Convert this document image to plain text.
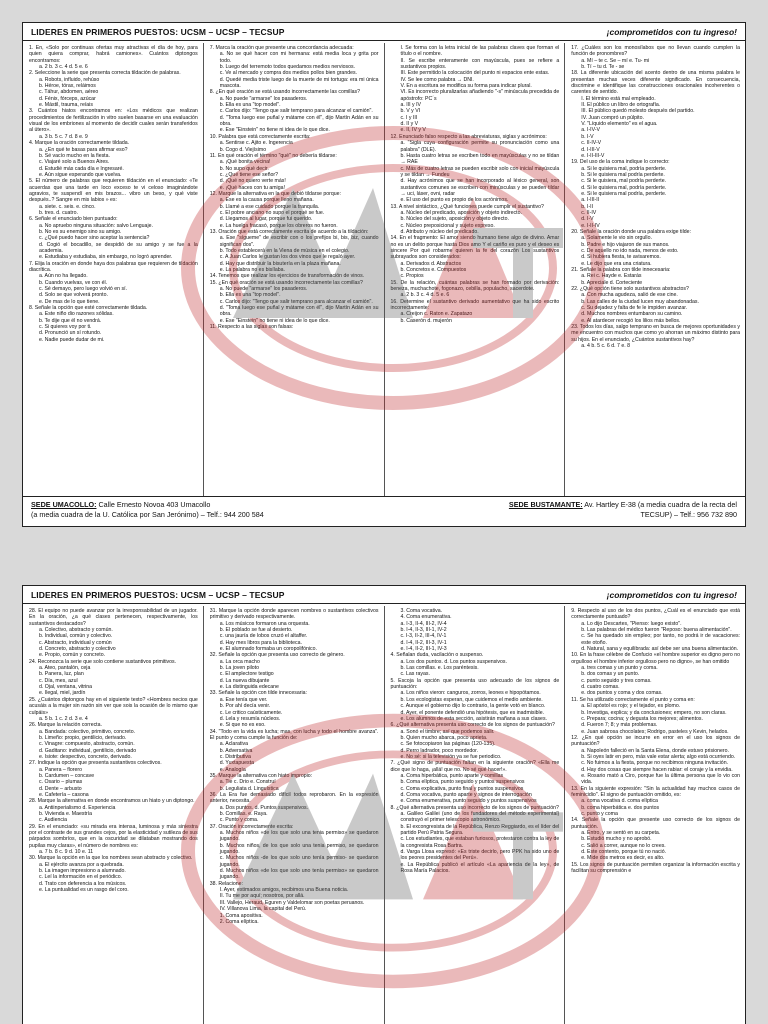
LIDERES EN PRIMEROS PUESTOS: UCSM – UCSP – TECSUP	¡comprometidos con tu ingreso!
1. En, «Solo por continuas ofertas muy atractivas el día de hoy, para quien quiera comprar, habrá camiones». Cuántos diptongos encontramos:
a. 2 b. 3 c. 4 d. 5 e. 6
2. Seleccione la serie que presenta correcta tildación de palabras.
a. Robots, influido, rehúso
b. Héroe, tórax, reláimos
c. Táhur, abdomen, aéreo
d. Fénix, fórceps, azúcar
e. Mástil, trauma, reíais
3. Cuántos hiatos encontramos en: «Los médicos que realizan procedimientos de fertilización in vitro suelen basarse en una evaluación visual de los embriones al momento de decidir cuales serán transferidos al útero».
a. 3 b. 5 c. 7 d. 8 e. 9
4. Marque la oración correctamente tildada.
a. ¿En qué te basas para afirmar eso?
b. Sé vacío mucho en la fiesta.
c. Viajaré solo a Buenos Aires.
d. Estudié más cada día e Ingresaré.
e. Aún sigue esperando que vuelva.
5. El número de palabras que requieren tildación en el enunciado: «Te acuerdas que una tarde en loco exceso te vi celoso imaginándote agravios, te suspendí en mis brazos... vibro un beso, y qué viste después..? Sangre en mis labios » es:
a. siete. c. seis. e. cinco.
b. tres. d. cuatro.
6. Señale el enunciado bien puntuado:
a. No apruebo ninguna situación: salvo Lenguaje.
b. No es su enemigo sino su amigo.
c. ¿Qué puedo hacer sino aceptar la sentencia?
d. Cogió el bocadillo, se despidió de su amigo y se fue a la academia.
e. Estudiaba y estudiaba, sin embargo, no logró aprender.
7. Elija la oración en donde haya dos palabras que requieren de tildación diacrítica.
a. Aún no ha llegado.
b. Cuando vuelvas, ve con él.
c. Sé demayo, pero luego volvió en sí.
d. Solo se que volverá pronto.
e. De mas de lo que tiene.
8. Señale la opción que esté correctamente tildada.
a. Este niño dio razones sólidas.
b. Te dije que él no vendrá.
c. Si quieres voy por ti.
d. Pronunció un sí rotundo.
e. Nadie puede dudar de mi.
7. Marca la oración que presente una concordancia adecuada:
a. No se qué hacer con mi hermana: está media loca y grita por todo.
b. Luego del terremoto todos quedamos medios nerviosos.
c. Ve al mercado y compra dos medios pollos bien grandes.
d. Quedé media triste luego de la muerte de mi tortuga: era mi única mascota.
8. ¿En qué oración se está usando incorrectamente las comillas?
a. No puede "armarse" los pasaderos.
b. Ella es una "top model".
c. Carlos dijo: "Tengo que salir temprano para alcanzar el camión".
d. "Toma luego ese puñal y mátame con él", dijo Martín Adán en su obra.
e. Ese "Einstein" no tiene ni idea de lo que dice.
10. Palabra que está correctamente escrita:
a. Sentirse c. Ajito e. Ingerencia
b. Cogo d. Viejísimo
11. En qué oración el término "qué" no debería tildarse:
a. ¡Qué bonita vecina!
b. No supo qué decir.
c. ¿Qué tiene ese señor?
d. ¡Qué no quiero verte más!
e. ¡Qué haces con tu amiga!
12. Marque la alternativa en la que debió tildarse porque:
a. Ese es la causa porque lleno mañana.
b. Llamé a ese cuidado porque la tranquila.
c. El pobre anciano no supo el porqué se fue.
d. Llegamos al lugar, porque fui querido.
e. La huelga fracasó, porque los obreros no fueron.
13. Oración que está correctamente escrita de acuerdo a la tildación:
a. Ese "sígueme" de escribir con o los prefijos bi, bis, biz, cuando significan dos".
b. Todo establecerá en la Viena de música en el colegio.
c. A Juan Carlos le gustan los dos vinos que le regaló ayer.
d. Hay que distribuir la bisutería en la plaza mañana.
e. La palabra no es bisílaba.
14. Tenemos que realizar los ejercicios de transformación de vinos.
15. ¿En qué oración se está usando incorrectamente las comillas?
a. No puede "armarse" los pasaderos.
b. Ella es una "top model".
c. Carlos dijo: "Tengo que salir temprano para alcanzar el camión".
d. "Toma luego ese puñal y mátame con él", dijo Martín Adán en su obra.
e. Ese "Einstein" no tiene ni idea de lo que dice.
11. Respecto a las siglas son falsas:
I. Se forma con la letra inicial de las palabras claves que forman el título o el nombre.
II. Se escribe enteramente con mayúscula, pues se refiere a sustantivos propios.
III. Este permitido la colocación del punto ni espacios ente estas.
IV. Se lee como palabra → DNI.
V. En a escritura se modifica su forma para indicar plural.
VI. Es incorrecto pluralizarlas añadiendo "-s" minúscula precedida de apóstrofo: PC´s
a. III y IV
b. V y VI
c. I y III
d. II y V
e. II, IV y V
12. Enunciado falso respecto a las abreviaturas, siglas y acrónimos:
a. "Sigla cuya configuración permite su pronunciación como una palabra" (DLE).
b. Hasta cuatro letras se escriben todo en mayúsculas y no se tildan → RAE
c. Más de cuatro letras se pueden escribir solo con inicial mayúscula y se tildan → Fundeu
d. Hay acrónimos que se han incorporado al léxico general, son sustantivos comunes se escriben con minúsculas y se pueden tildar → uci, láser, ovni, radar
e. El uso del punto es propio de los acrónimos.
13. A nivel sintáctico, ¿Qué funciones puede cumplir el sustantivo?
a. Núcleo del predicado, aposición y objeto indirecto.
b. Núcleo del sujeto, aposición y objeto directo.
c. Núcleo preposicional y sujeto expreso.
d. Atributo y núcleo del predicado.
14. En el fragmento: El amor siendo humano tiene algo de divino. Amar no es un delito porque hasta Dios amo Y el cariño es puro y el deseo es sincere Por qué robarme quieren la fe del corazón Los sustantivos subrayados son considerados:
a. Derivados d. Abstractos
b. Concretos e. Compuestos
c. Propios
15. De la relación, cuántas palabras se han formado por derivación: beneza, muchachote, fogonazo, cebilla, populacho, sacerdote.
a. 2 b. 3 c. 4 d. 5 e. 6
16. Determine el sustantivo derivado aumentativo que ha sido escrito incorrectamente:
a. Creijon c. Raton e. Zapatazo
b. Caserón d. mujerón
17. ¿Cuáles son los monosílabos que no llevan cuando cumplen la función de pronombres?
a. Mí – te c. Se – mí e. Tu- mi
b. Tí – tu d. Te - se
18. La diferente ubicación del acento dentro de una misma palabra le presentan muchas veces diferente significado. En consecuencia, discrimine e identifique las construcciones oracionales incoherentes o carentes de sentido.
I. El término está mal empleado.
II. El público un libro de ortografía.
III. El público quedó molesto después del partido.
IV. Juan compró un púlpito.
V. "Líquido elemento" es el agua.
a. I-IV-V
b. I-V
c. II-IV-V
d. I-III-V
e. I-II-III-V
19. Del uso de la coma indique lo correcto:
a. Si le quisiera mal, podría perderte.
b. Si le quisiera mal podría perderte.
c. Si le quisiera, mal podría perderte.
d. Si le quisiera mal, podría perderte.
e. Si le quisiera mal podría, perderte.
a. I-III-II
b. I-II
c. II-IV
d. I-V
e. I-II-IV
20. Señale la oración donde una palabra exige tilde:
a. Solamente le vio sin orgullo.
b. Padre e hijo viajaron de sus manos.
c. De aquello no ido nada, menos de esto.
d. Si hubiera fiesta, te avisaremos.
e. Le dijo que era una criatura.
21. Señale la palabra con tilde innecesaria:
a. Rei c. Hayde e. Estarás
b. Apreciale d. Corteciente
22. ¿Qué opción tiene solo sustantivos abstractos?
a. Con mucha agudeza, salió de ese cine.
b. Las calles de la ciudad lucen muy abandonadas.
c. Su dejadez y falta de fe le impiden avanzar.
d. Muchos nombres entumbaron su camino.
e. Al atardecer recogió los lilios más bellos.
23. Todos los días, salgo temprano en busca de mejores oportunidades y me encuentro con muchos que como yo ahorran un máximo distinto para su hijos. En el enunciado, ¿Cuántos sustantivos hay?
a. 4 b. 5 c. 6 d. 7 e. 8
SEDE UMACOLLO: Calle Ernesto Novoa 403 Umacollo
(a media cuadra de la U. Católica por San Jerónimo) – Telf.: 944 200 584
SEDE BUSTAMANTE: Av. Hartley E-38 (a media cuadra de la recta del
TECSUP) – Telf.: 956 732 890
LIDERES EN PRIMEROS PUESTOS: UCSM – UCSP – TECSUP	¡comprometidos con tu ingreso!
28. El equipo no puede avanzar por la irresponsabilidad de un jugador. En la oración, ¿a qué clases pertenecen, respectivamente, los sustantivos destacados?
a. Colectivo, abstracto y común.
b. Individual, común y colectivo.
c. Abstracto, individual y común
d. Concreto, abstracto y colectivo
e. Propio, común y concreto.
24. Reconozca la serie que solo contiene sustantivos primitivos.
a. Ateo, pantalón, ceja
b. Panera, luz, plan
c. Día, mes, azul
d. Ojal, ventana, vitrina
e. Ilegal, miel, jardín
25. ¿Cuántos diptongos hay en el siguiente texto? «Hombres necios que acusáis a la mujer sin razón sin ver que sois la ocasión de lo mismo que culpáis»
a. 5 b. 1 c. 2 d. 3 e. 4
26. Marque la relación correcta.
a. Bandada: colectivo, primitivo, concreto.
b. Limeño: propio, gentilicio, derivado.
c. Vinagre: compuesto, abstracto, común.
d. Gaditano: individual, gentilicio, derivado
e. Isiote: despectivo, concreto, derivado.
27. Indique la opción que presenta sustantivos colectivos.
a. Panera – florero
b. Cardumen – concave
c. Osario – plumas
d. Dente – arbusto
e. Cafetería – casona
28. Marque la alternativa en donde encontramos un hiato y un diptongo.
a. Antiinperialismo d. Experiencia
b. Vivienda e. Maestría
c. Audiencia
29. En el enunciado: «su mirada era intensa, luminosa y más siniestra por el contraste de sus grandes cejos, por la elasticidad y sutileza de sus párpados sombríos, que en la oscuridad se dilataban mostrando dos pupilas muy claras», el número de nombres es:
a. 7 b. 8 c. 9 d. 10 e. 11
30. Marque la opción en la que los nombres sean abstracto y colectivo.
a. El ejército avanza por a quebrada.
b. La imagen impresiono a alumnado.
c. Leí la información en el periódico.
d. Trato con deferencia a los músicos.
e. La puntualidad es un rasgo del coro.
31. Marque la opción donde aparecen nombres o sustantivos colectivos primitivo y derivado respectivamente.
a. Los músicos formaron una orquesta.
b. El poblado se fue al desierto.
c. una jauría de lobos cruzó el altaffer.
d. Hay mes libros para la biblioteca.
e. El alumnado formaba un coropolifónico.
32. Señale la opción que presenta uso correcto de género.
a. La orca macho
b. La joven piloto
c. El amplectore testigo
d. La nueva dibujante
e. La distinguida edecane
33. Señale la opción con tilde innecesaria:
a. Ese tenía que ver.
b. Por ahí decía venir.
c. Le critico caústicamente.
d. Lela y resumía núcleos.
e. Si que no es eso.
34. "Todo en la vida es lucha; mas, con lucha y todo el hombre avanza". El punto y coma cumple la función de:
a. Aclarativa
b. Adversativa
c. Distributiva
d. Yuxtapuesta
e. Analogía
35. Marque la alternativa con hiato impropio:
a. Tie c. Drio e. Construí
b. Leguliata d. Linguística
36. La Era fue demasiado difícil todos reprobaron. En la expresión anterior, necesita.
a. Dos puntos. d. Puntos suspensivos.
b. Comillas. e. Raya.
c. Punto y coma.
37. Oración incorrectamente escrita:
a. Muchos niños «de los que solo una tenia permiso» se quedaron jugando.
b. Muchos niños, de los que solo una tenia permiso, se quedaron jugando.
c. Muchos niños -de los que solo uno tenía permiso- se quedaron jugando.
d. Muchos niños «de los que solo uno tenía permiso» se quedaron jugando.
38. Relacione:
I. Ayer, estimados amigos, recibimos una Buena noticia.
II. Tu me por aquí; nosotros, por allá.
III. Vallejo, Heraud, Eguren y Valdelomar son poetas peruanos.
IV. Villanova Lima, la capital del Perú.
1. Coma apositiva.
2. Coma elíptica.
3. Coma vocativa.
4. Coma enumerativa.
a. I-3, II-4, III-2, IV-4
b. I-4, II-3, III-1, IV-2
c. I-3, II-2, III-4, IV-1
d. I-4, II-2, III-3, IV-1
e. I-4, II-2, III-1, IV-3
4. Señalan duda, vacilación o suspenso.
a. Los dos puntos. d. Los puntos suspensivos.
b. Las comillas. e. Los paréntesis.
c. Las rayas.
5. Escoja la opción que presenta uso adecuado de los signos de puntuación:
a. Los niños vieron: canguros, zorros, leones e hipopótamos.
b. Los ecologistas esperan, que cuidemos el medio ambiente.
c. Aunque el gobierno dijo lo contrario, la gente votó en blanco.
d. Ayer, el ponente defendió una hipótesis, que es inadmisible.
e. Los alumnos de esta sección, asistirán mañana a sus clases.
6. ¿Qué alternativa presenta uso correcto de los signos de puntuación?
a. Sonó el timbre; así que podemos salir.
b. Quien mucho abarca, poco aprieta.
c. Se fotocopiaron las páginas (120-135).
d. Perro ladrador, poco mordedor.
e. No sé: si la televisión ya se fue periodico.
7. ¿Qué signo de puntuación faltan en la siguiente oración? «Ella me dice que lo haga, ¡allá! que no. No sé qué hacer!».
a. Coma hiperbática, punto aparte y comillas
b. Coma elíptica, punto seguido y puntos suspensivos
c. Coma explicativa, punto final y puntos suspensivos
d. Coma vocativa, punto aparte y signos de interrogación
e. Coma enumerativa, punto seguido y puntos suspensivos
8. ¿Qué alternativa presenta uso incorrecto de los signos de puntuación?
a. Galileo Galilei (uno de los fundadores del método experimental) construyó el primer telescopio astronómico.
b. El excongresista de la República, Renzo Reggiardo, es el líder del partido Perú Patria Segura.
c. Los estudiantes, que estaban furiosos, protestaron contra la ley de la congresista Rosa Bartra.
d. Varga Llosa expresó: «Es triste decirlo, pero PPK ha sido uno de los peores presidentes del Perú».
e. La República publicó el artículo «La apariencia de la ley», de Rosa María Palacios.
9. Respecto al uso de los dos puntos, ¿Cuál es el enunciado que está correctamente puntuado?
a. Lo dijo Descartes, "Pienso: luego existo".
b. Las palabras del médico fueron "Reposo: buena alimentación".
c. Se ha quedado sin empleo; por tanto, no podrá ir de vacaciones: este otoño.
d. Natural, sana y equilibrada: así debe ser una buena alimentación.
10. En la frase célebre de Confucio «el hombre superior es digno pero no orgulloso el hombre inferior orgulloso pero no digno», se han omitido
a. tres comas y un punto y coma.
b. dos comas y un punto.
c. punto seguido y tres comas.
d. cuatro comas.
e. dos puntos y coma y dos comas.
11. Se ha utilizado correctamente el punto y coma en:
a. El apóstol es rojo; y el tejador, es plomo.
b. Investiga, explica; y da conclusiones; empero, no son claras.
c. Prepara; cocina; y degusta los mejores; alimentos.
d. Fueron 7; 8; y más problemas.
e. Juan sabrosa chocolates; Rodrigo, pasteles y Kevin, helados.
12. ¿En qué opción se incurre en error en el uso los signos de puntuación?
a. Napoleón falleció en la Santa Elena, donde estuvo prisionero.
b. Si oyes latir en pero, más vale estar alerta; algo está ocurriendo.
c. No fuimos a la fiesta, porque no recibimos ninguna invitación.
d. Hay dos cosas que siempre hacen rabiar: el coraje y la envidia.
e. Rosario mató a Ciro, porque fue la última persona que lo vio con vida.
13. En la siguiente expresión: "Sin la actualidad hay muchos casos de feminicidio". El signo de puntuación omitido, es:
a. coma vocativa d. coma elíptica
b. coma hiperbática e. dos puntos
c. punto y coma
14. Señale la opción que presente uso correcto de los signos de puntuación.
a. Entro, y se sentó en su carpeta.
b. Estudió mucho y no aprobó.
c. Salió a correr, aunque no lo crees.
d. Este contento, porque tú no nació.
e. Mide dos metros es decir, es alto.
15. Los signos de puntuación permiten organizar la información escrita y facilitan su comprensión e
